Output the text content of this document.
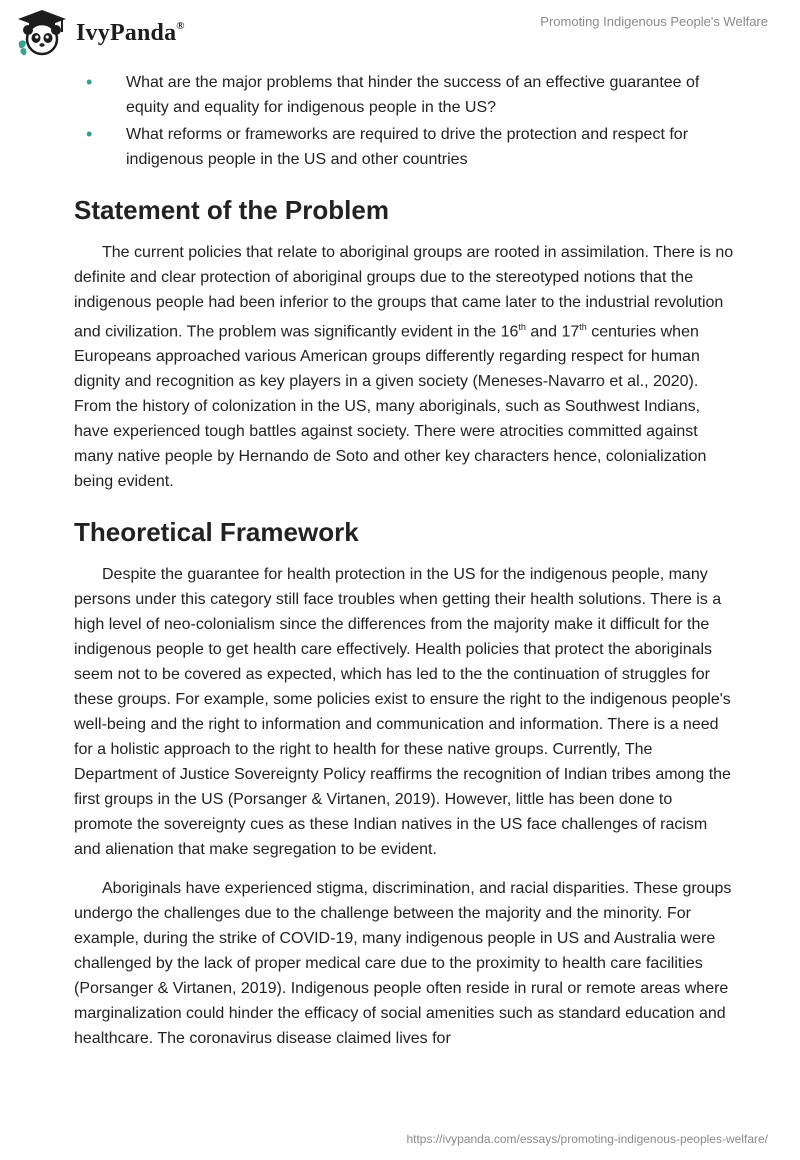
IvyPanda®	Promoting Indigenous People's Welfare
• What are the major problems that hinder the success of an effective guarantee of equity and equality for indigenous people in the US?
• What reforms or frameworks are required to drive the protection and respect for indigenous people in the US and other countries
Statement of the Problem

The current policies that relate to aboriginal groups are rooted in assimilation. There is no definite and clear protection of aboriginal groups due to the stereotyped notions that the indigenous people had been inferior to the groups that came later to the industrial revolution and civilization. The problem was significantly evident in the 16th and 17th centuries when Europeans approached various American groups differently regarding respect for human dignity and recognition as key players in a given society (Meneses-Navarro et al., 2020). From the history of colonization in the US, many aboriginals, such as Southwest Indians, have experienced tough battles against society. There were atrocities committed against many native people by Hernando de Soto and other key characters hence, colonialization being evident.

Theoretical Framework

Despite the guarantee for health protection in the US for the indigenous people, many persons under this category still face troubles when getting their health solutions. There is a high level of neo-colonialism since the differences from the majority make it difficult for the indigenous people to get health care effectively. Health policies that protect the aboriginals seem not to be covered as expected, which has led to the the continuation of struggles for these groups. For example, some policies exist to ensure the right to the indigenous people's well-being and the right to information and communication and information. There is a need for a holistic approach to the right to health for these native groups. Currently, The Department of Justice Sovereignty Policy reaffirms the recognition of Indian tribes among the first groups in the US (Porsanger & Virtanen, 2019). However, little has been done to promote the sovereignty cues as these Indian natives in the US face challenges of racism and alienation that make segregation to be evident.

Aboriginals have experienced stigma, discrimination, and racial disparities. These groups undergo the challenges due to the challenge between the majority and the minority. For example, during the strike of COVID-19, many indigenous people in US and Australia were challenged by the lack of proper medical care due to the proximity to health care facilities (Porsanger & Virtanen, 2019). Indigenous people often reside in rural or remote areas where marginalization could hinder the efficacy of social amenities such as standard education and healthcare. The coronavirus disease claimed lives for

https://ivypanda.com/essays/promoting-indigenous-peoples-welfare/
